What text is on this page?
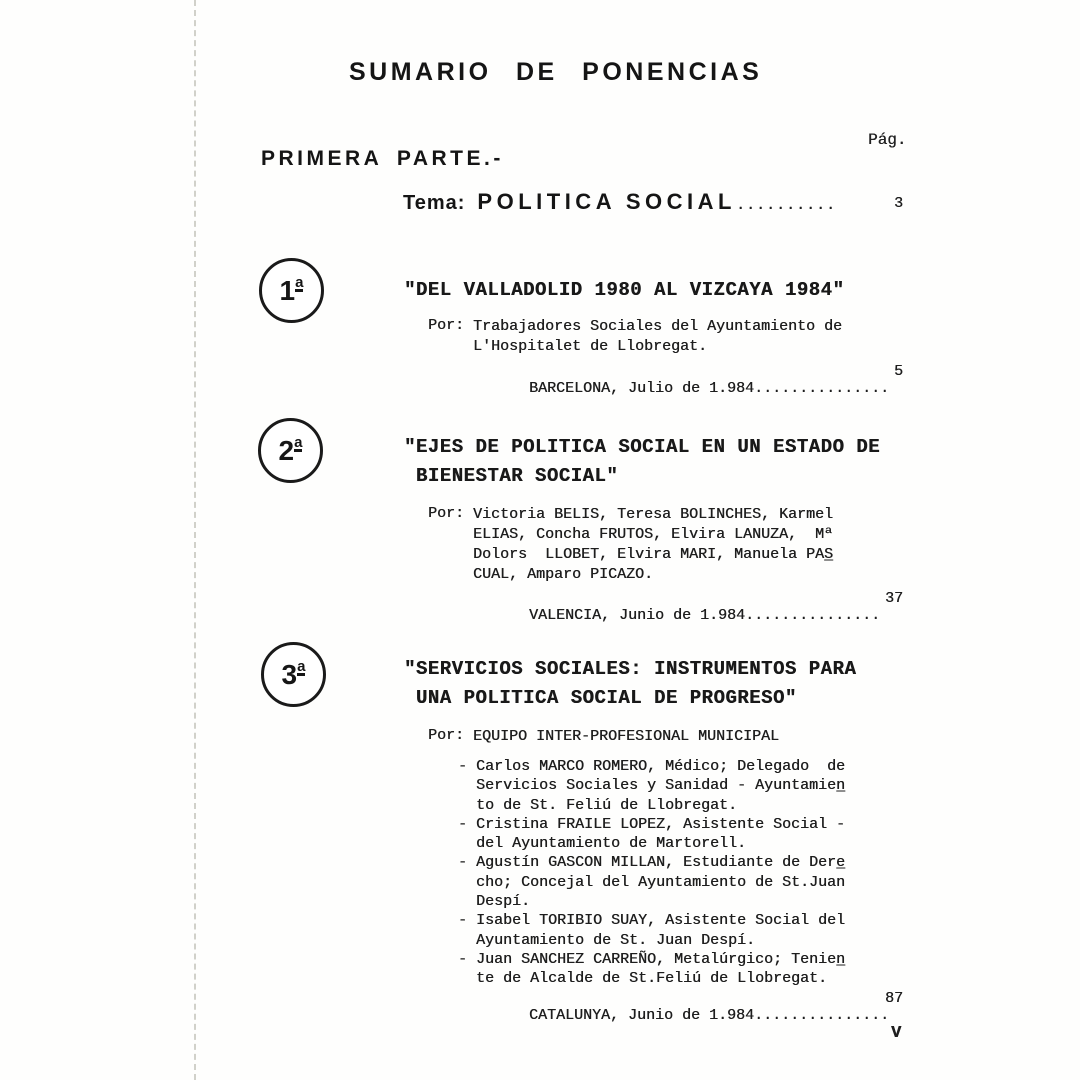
SUMARIO DE PONENCIAS
Pág.
PRIMERA PARTE.-
Tema: POLITICA SOCIAL..........	3
1 a	"DEL VALLADOLID 1980 AL VIZCAYA 1984"
Por: Trabajadores Sociales del Ayuntamiento de
L'Hospitalet de Llobregat.

BARCELONA, Julio de 1.984...............

5

2 a	"EJES DE POLITICA SOCIAL EN UN ESTADO DE
BIENESTAR SOCIAL"
Por: Victoria BELIS, Teresa BOLINCHES, Karmel
ELIAS, Concha FRUTOS, Elvira LANUZA,  Mª
Dolors  LLOBET, Elvira MARI, Manuela PAS̲
CUAL, Amparo PICAZO.

VALENCIA, Junio de 1.984...............

37

3 a	"SERVICIOS SOCIALES: INSTRUMENTOS PARA
UNA POLITICA SOCIAL DE PROGRESO"
Por: EQUIPO INTER-PROFESIONAL MUNICIPAL
- Carlos MARCO ROMERO, Médico; Delegado  de
Servicios Sociales y Sanidad - Ayuntamien̲
to de St. Feliú de Llobregat.
- Cristina FRAILE LOPEZ, Asistente Social -
del Ayuntamiento de Martorell.
- Agustín GASCON MILLAN, Estudiante de Dere̲
cho; Concejal del Ayuntamiento de St.Juan
Despí.
- Isabel TORIBIO SUAY, Asistente Social del
Ayuntamiento de St. Juan Despí.
- Juan SANCHEZ CARREÑO, Metalúrgico; Tenien̲
te de Alcalde de St.Feliú de Llobregat.

CATALUNYA, Junio de 1.984...............

87

V
